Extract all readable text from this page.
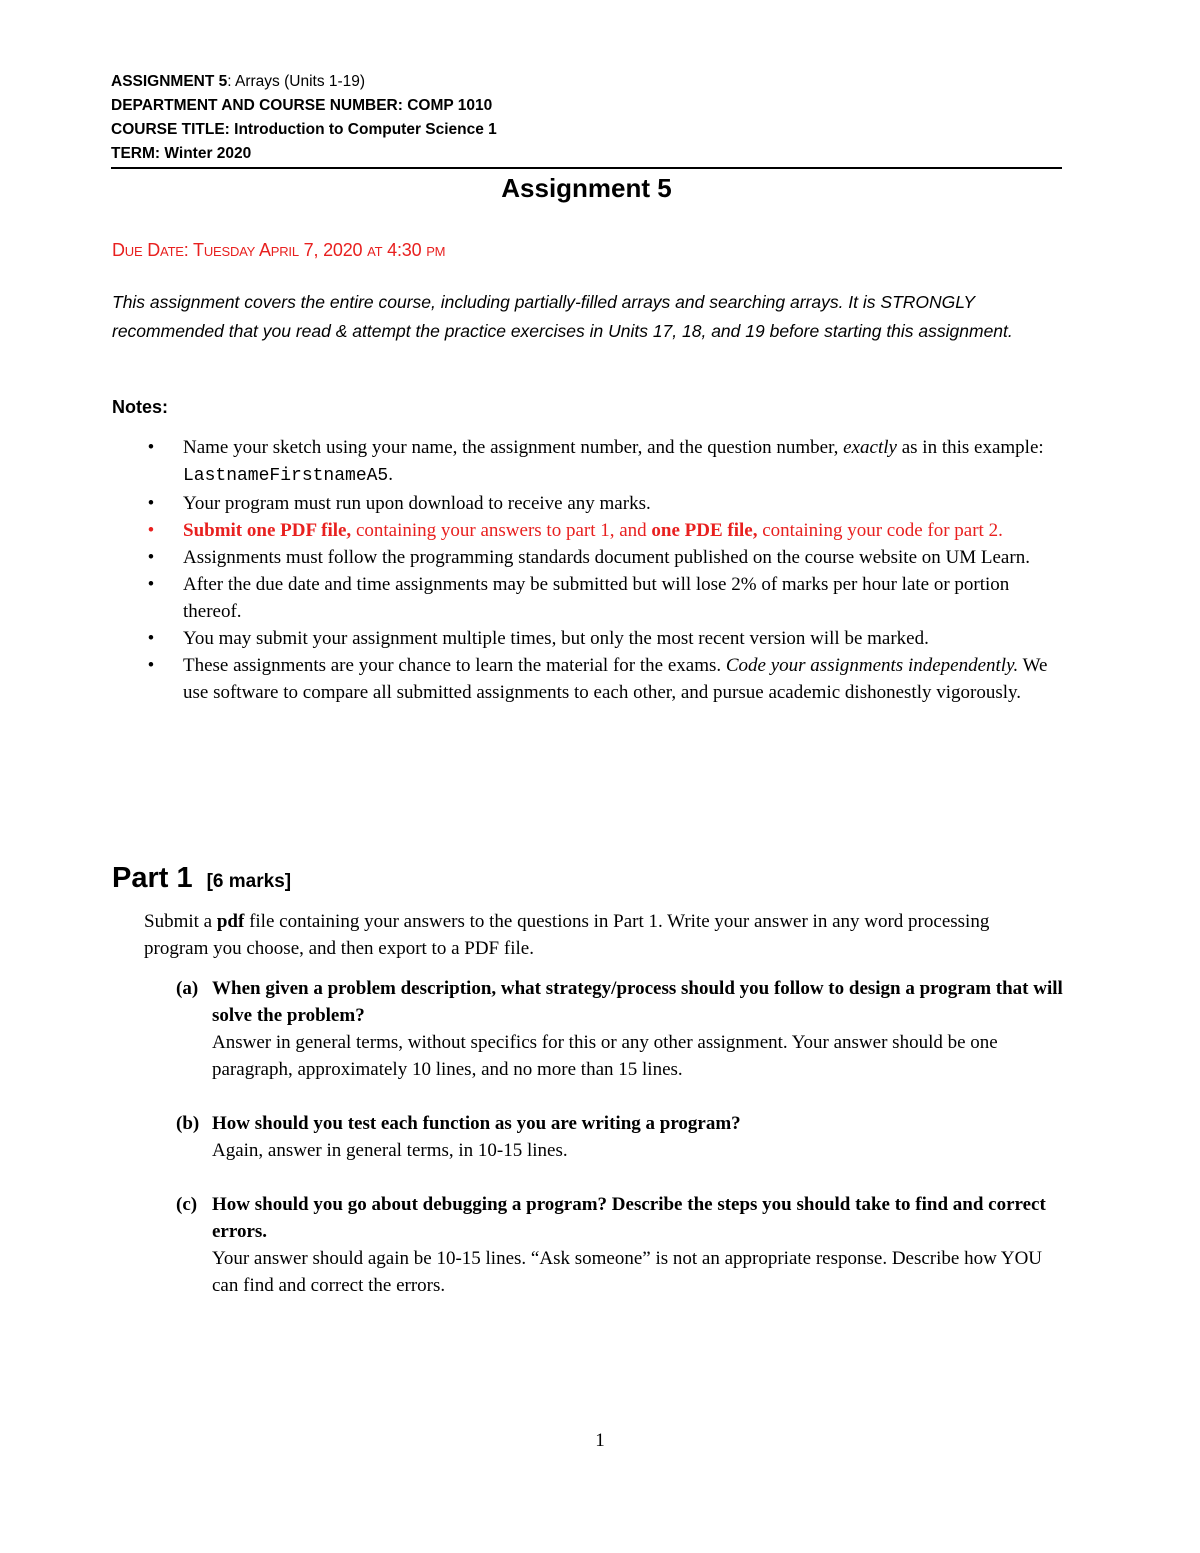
ASSIGNMENT 5: Arrays (Units 1-19)
DEPARTMENT AND COURSE NUMBER: COMP 1010
COURSE TITLE: Introduction to Computer Science 1
TERM: Winter 2020
Assignment 5
Due Date: Tuesday April 7, 2020 at 4:30 pm
This assignment covers the entire course, including partially-filled arrays and searching arrays. It is STRONGLY recommended that you read & attempt the practice exercises in Units 17, 18, and 19 before starting this assignment.
Notes:
• Name your sketch using your name, the assignment number, and the question number, exactly as in this example: LastnameFirstnameA5.
• Your program must run upon download to receive any marks.
• Submit one PDF file, containing your answers to part 1, and one PDE file, containing your code for part 2.
• Assignments must follow the programming standards document published on the course website on UM Learn.
• After the due date and time assignments may be submitted but will lose 2% of marks per hour late or portion thereof.
• You may submit your assignment multiple times, but only the most recent version will be marked.
• These assignments are your chance to learn the material for the exams. Code your assignments independently. We use software to compare all submitted assignments to each other, and pursue academic dishonestly vigorously.
Part 1 [6 marks]
Submit a pdf file containing your answers to the questions in Part 1. Write your answer in any word processing program you choose, and then export to a PDF file.
(a) When given a problem description, what strategy/process should you follow to design a program that will solve the problem?
Answer in general terms, without specifics for this or any other assignment. Your answer should be one paragraph, approximately 10 lines, and no more than 15 lines.
(b) How should you test each function as you are writing a program?
Again, answer in general terms, in 10-15 lines.
(c) How should you go about debugging a program? Describe the steps you should take to find and correct errors.
Your answer should again be 10-15 lines. “Ask someone” is not an appropriate response. Describe how YOU can find and correct the errors.
1
